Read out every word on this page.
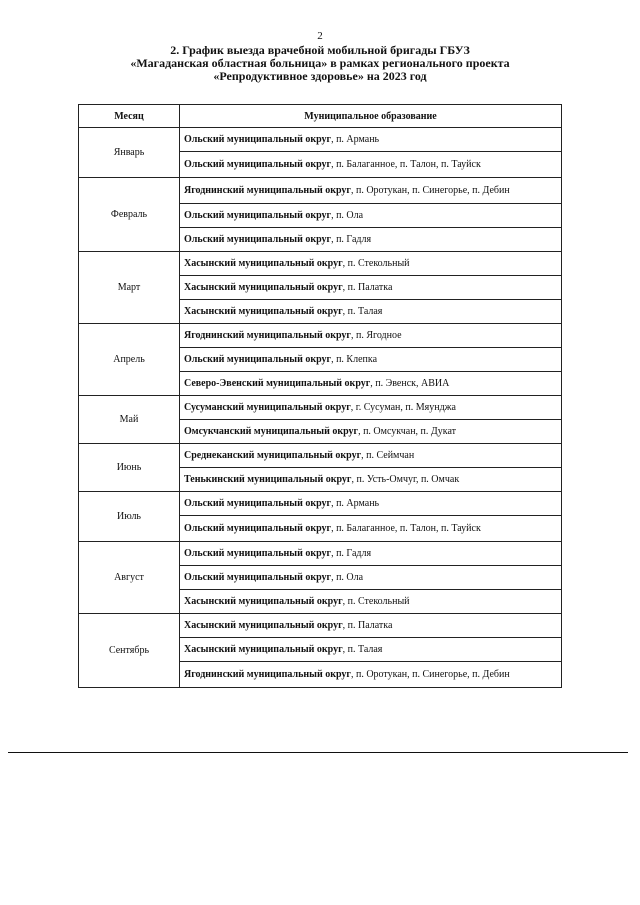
2
2. График выезда врачебной мобильной бригады ГБУЗ
«Магаданская областная больница» в рамках регионального проекта
«Репродуктивное здоровье» на 2023 год
Месяц	Муниципальное образование
Январь	Ольский муниципальный округ, п. Армань
	Ольский муниципальный округ, п. Балаганное, п. Талон, п. Тауйск
Февраль	Ягоднинский муниципальный округ, п. Оротукан, п. Синегорье, п. Дебин
	Ольский муниципальный округ, п. Ола
	Ольский муниципальный округ, п. Гадля
Март	Хасынский муниципальный округ, п. Стекольный
	Хасынский муниципальный округ, п. Палатка
	Хасынский муниципальный округ, п. Талая
Апрель	Ягоднинский муниципальный округ, п. Ягодное
	Ольский муниципальный округ, п. Клепка
	Северо-Эвенский муниципальный округ, п. Эвенск, АВИА
Май	Сусуманский муниципальный округ, г. Сусуман, п. Мяунджа
	Омсукчанский муниципальный округ, п. Омсукчан, п. Дукат
Июнь	Среднеканский муниципальный округ, п. Сеймчан
	Тенькинский муниципальный округ, п. Усть-Омчуг, п. Омчак
Июль	Ольский муниципальный округ, п. Армань
	Ольский муниципальный округ, п. Балаганное, п. Талон, п. Тауйск
Август	Ольский муниципальный округ, п. Гадля
	Ольский муниципальный округ, п. Ола
	Хасынский муниципальный округ, п. Стекольный
Сентябрь	Хасынский муниципальный округ, п. Палатка
	Хасынский муниципальный округ, п. Талая
	Ягоднинский муниципальный округ, п. Оротукан, п. Синегорье, п. Дебин
